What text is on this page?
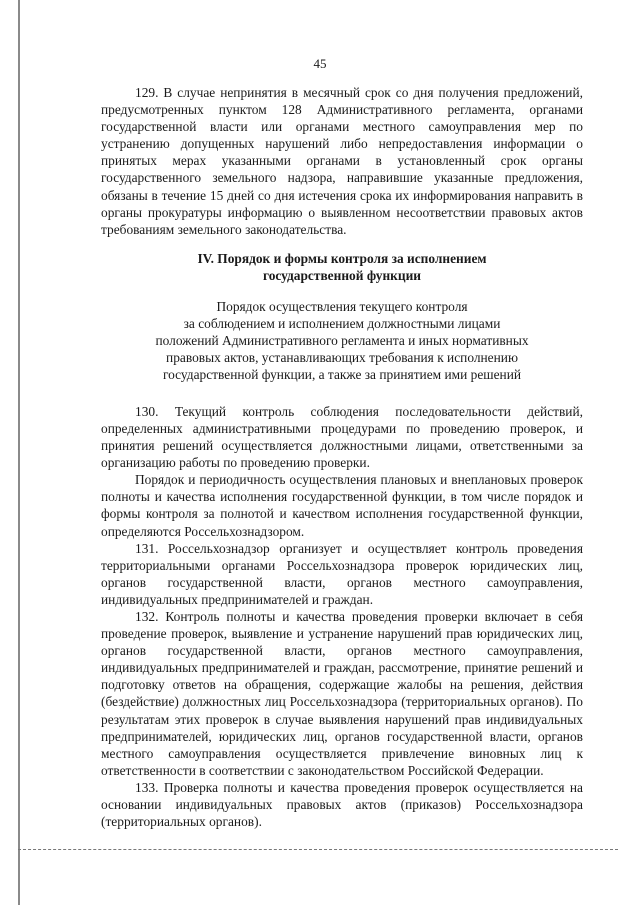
45

129. В случае непринятия в месячный срок со дня получения предложений, предусмотренных пунктом 128 Административного регламента, органами государственной власти или органами местного самоуправления мер по устранению допущенных нарушений либо непредоставления информации о принятых мерах указанными органами в установленный срок органы государственного земельного надзора, направившие указанные предложения, обязаны в течение 15 дней со дня истечения срока их информирования направить в органы прокуратуры информацию о выявленном несоответствии правовых актов требованиям земельного законодательства.

IV. Порядок и формы контроля за исполнением
государственной функции
Порядок осуществления текущего контроля
за соблюдением и исполнением должностными лицами
положений Административного регламента и иных нормативных
правовых актов, устанавливающих требования к исполнению
государственной функции, а также за принятием ими решений

130. Текущий контроль соблюдения последовательности действий, определенных административными процедурами по проведению проверок, и принятия решений осуществляется должностными лицами, ответственными за организацию работы по проведению проверки.

Порядок и периодичность осуществления плановых и внеплановых проверок полноты и качества исполнения государственной функции, в том числе порядок и формы контроля за полнотой и качеством исполнения государственной функции, определяются Россельхознадзором.

131. Россельхознадзор организует и осуществляет контроль проведения территориальными органами Россельхознадзора проверок юридических лиц, органов государственной власти, органов местного самоуправления, индивидуальных предпринимателей и граждан.

132. Контроль полноты и качества проведения проверки включает в себя проведение проверок, выявление и устранение нарушений прав юридических лиц, органов государственной власти, органов местного самоуправления, индивидуальных предпринимателей и граждан, рассмотрение, принятие решений и подготовку ответов на обращения, содержащие жалобы на решения, действия (бездействие) должностных лиц Россельхознадзора (территориальных органов). По результатам этих проверок в случае выявления нарушений прав индивидуальных предпринимателей, юридических лиц, органов государственной власти, органов местного самоуправления осуществляется привлечение виновных лиц к ответственности в соответствии с законодательством Российской Федерации.

133. Проверка полноты и качества проведения проверок осуществляется на основании индивидуальных правовых актов (приказов) Россельхознадзора (территориальных органов).
